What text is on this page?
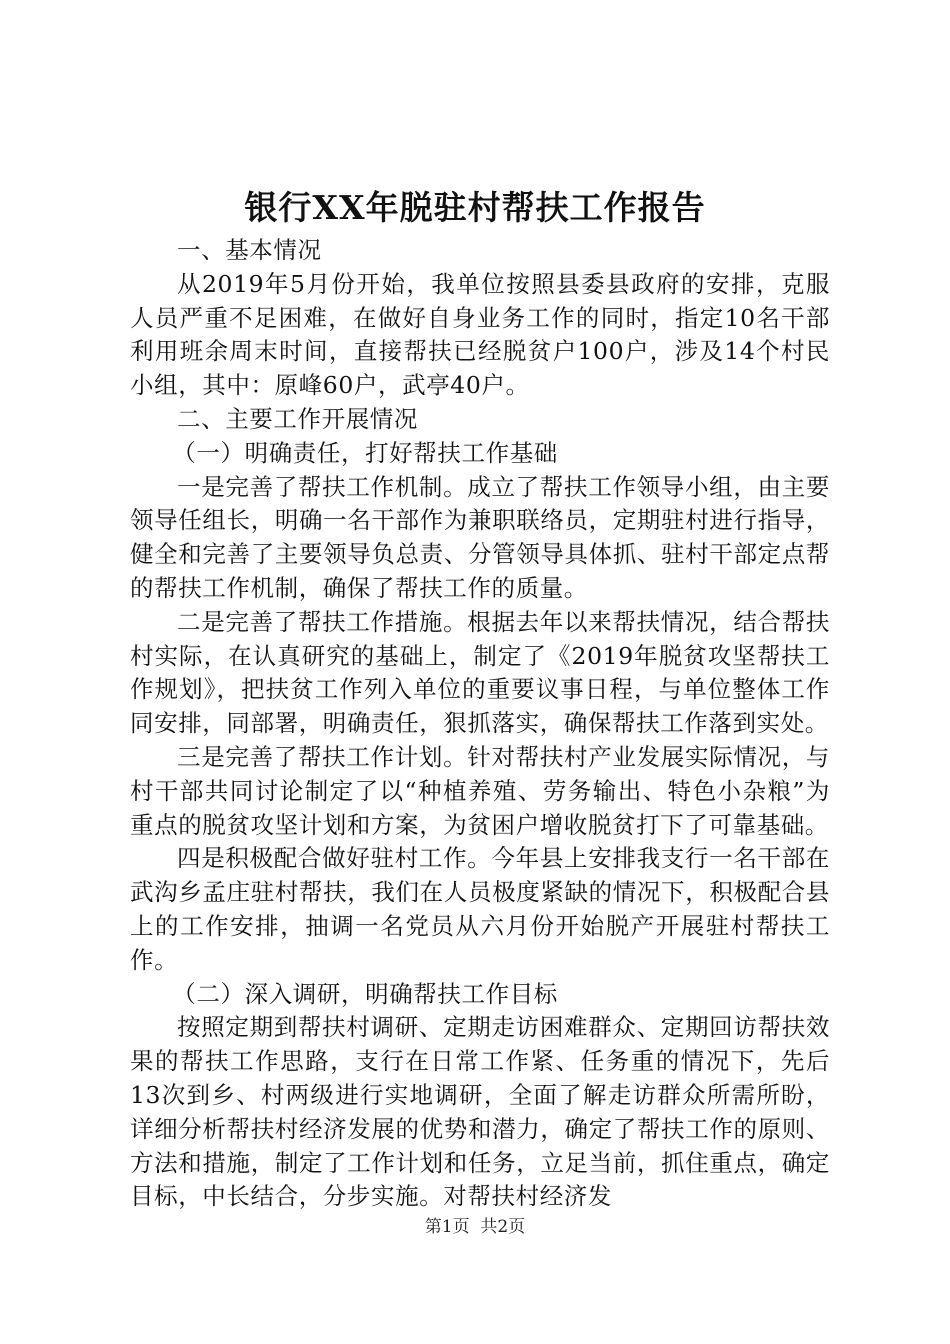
银行XX年脱驻村帮扶工作报告

一、基本情况

从2019年5月份开始，我单位按照县委县政府的安排，克服人员严重不足困难，在做好自身业务工作的同时，指定10名干部利用班余周末时间，直接帮扶已经脱贫户100户，涉及14个村民小组，其中：原峰60户，武亭40户。

二、主要工作开展情况

（一）明确责任，打好帮扶工作基础

一是完善了帮扶工作机制。成立了帮扶工作领导小组，由主要领导任组长，明确一名干部作为兼职联络员，定期驻村进行指导，健全和完善了主要领导负总责、分管领导具体抓、驻村干部定点帮的帮扶工作机制，确保了帮扶工作的质量。

二是完善了帮扶工作措施。根据去年以来帮扶情况，结合帮扶村实际，在认真研究的基础上，制定了《2019年脱贫攻坚帮扶工作规划》，把扶贫工作列入单位的重要议事日程，与单位整体工作同安排，同部署，明确责任，狠抓落实，确保帮扶工作落到实处。

三是完善了帮扶工作计划。针对帮扶村产业发展实际情况，与村干部共同讨论制定了以“种植养殖、劳务输出、特色小杂粮”为重点的脱贫攻坚计划和方案，为贫困户增收脱贫打下了可靠基础。

四是积极配合做好驻村工作。今年县上安排我支行一名干部在武沟乡孟庄驻村帮扶，我们在人员极度紧缺的情况下，积极配合县上的工作安排，抽调一名党员从六月份开始脱产开展驻村帮扶工作。

（二）深入调研，明确帮扶工作目标

按照定期到帮扶村调研、定期走访困难群众、定期回访帮扶效果的帮扶工作思路，支行在日常工作紧、任务重的情况下，先后13次到乡、村两级进行实地调研，全面了解走访群众所需所盼，详细分析帮扶村经济发展的优势和潜力，确定了帮扶工作的原则、方法和措施，制定了工作计划和任务，立足当前，抓住重点，确定目标，中长结合，分步实施。对帮扶村经济发

第1页  共2页
